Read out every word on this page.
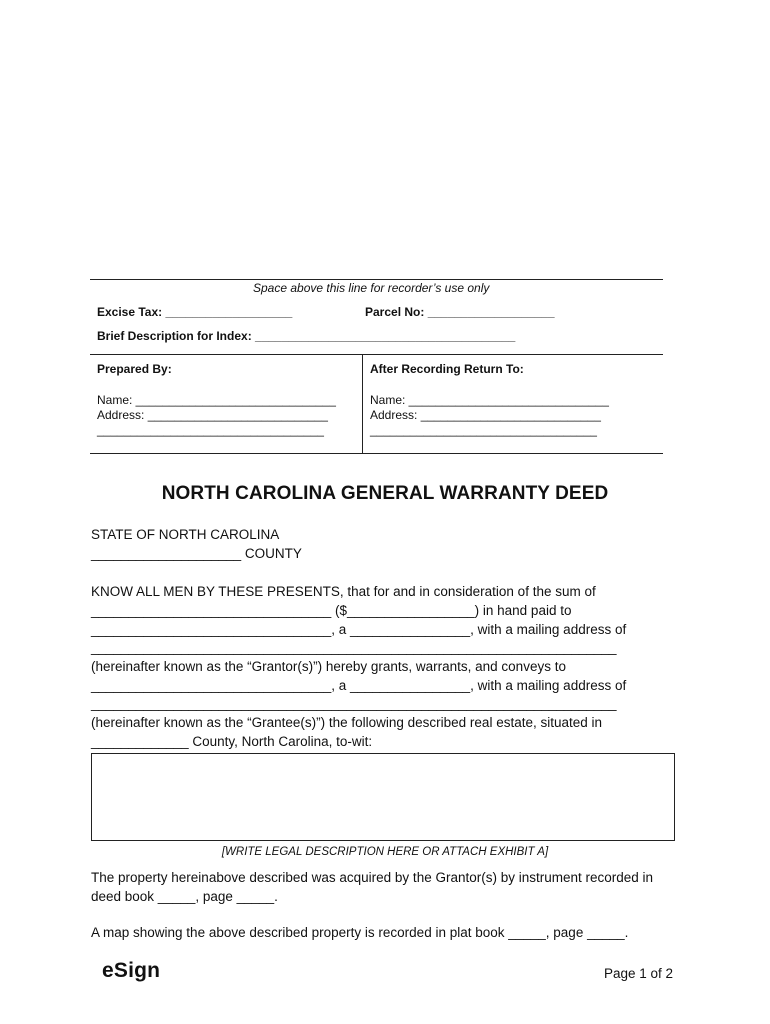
Space above this line for recorder’s use only
Excise Tax: ___________________	Parcel No: ___________________
Brief Description for Index: _______________________________________
Prepared By:
Name: ______________________________
Address: ___________________________
__________________________________
After Recording Return To:
Name: ______________________________
Address: ___________________________
__________________________________
NORTH CAROLINA GENERAL WARRANTY DEED
STATE OF NORTH CAROLINA
____________________ COUNTY
KNOW ALL MEN BY THESE PRESENTS, that for and in consideration of the sum of
________________________________ ($_________________) in hand paid to
________________________________, a ________________, with a mailing address of
______________________________________________________________________
(hereinafter known as the “Grantor(s)”) hereby grants, warrants, and conveys to
________________________________, a ________________, with a mailing address of
______________________________________________________________________
(hereinafter known as the “Grantee(s)”) the following described real estate, situated in
_____________ County, North Carolina, to-wit:
[WRITE LEGAL DESCRIPTION HERE OR ATTACH EXHIBIT A]
The property hereinabove described was acquired by the Grantor(s) by instrument recorded in
deed book _____, page _____.
A map showing the above described property is recorded in plat book _____, page _____.
eSign	Page 1 of 2
